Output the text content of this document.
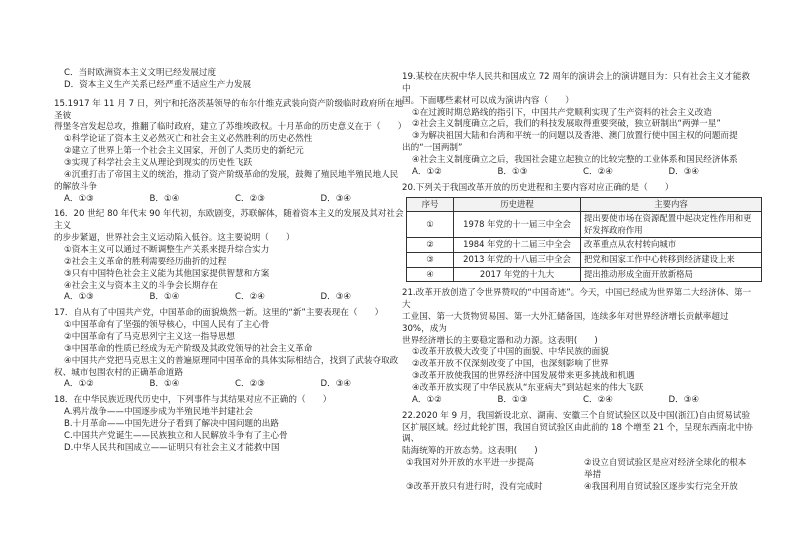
C．当时欧洲资本主义文明已经发展过度
D．资本主义生产关系已经严重不适应生产力发展
15.1917 年 11 月 7 日，列宁和托洛茨基领导的布尔什维克武装向资产阶级临时政府所在地圣彼
得堡冬宫发起总攻，推翻了临时政府，建立了苏维埃政权。十月革命的历史意义在于（　　）
①科学论证了资本主义必然灭亡和社会主义必然胜利的历史必然性
②建立了世界上第一个社会主义国家，开创了人类历史的新纪元
③实现了科学社会主义从理论到现实的历史性飞跃
④沉重打击了帝国主义的统治，推动了资产阶级革命的发展，鼓舞了殖民地半殖民地人民
的解放斗争
A．①③	B．①④	C．②③	D．③④
16．20 世纪 80 年代末 90 年代初，东欧剧变，苏联解体，随着资本主义的发展及其对社会主义
的步步紧逼，世界社会主义运动陷入低谷。这主要说明（　　）
①资本主义可以通过不断调整生产关系来提升综合实力
②社会主义革命的胜利需要经历曲折的过程
③只有中国特色社会主义能为其他国家提供智慧和方案
④社会主义与资本主义的斗争会长期存在
A．①③	B．①④	C．②④	D．③④
17．自从有了中国共产党，中国革命的面貌焕然一新。这里的“新”主要表现在（　　）
①中国革命有了坚强的领导核心，中国人民有了主心骨
②中国革命有了马克思列宁主义这一指导思想
③中国革命的性质已经成为无产阶级及其政党领导的社会主义革命
④中国共产党把马克思主义的普遍原理同中国革命的具体实际相结合，找到了武装夺取政
权、城市包围农村的正确革命道路
A．①②	B．①④	C．②③	D．③④
18．在中华民族近现代历史中，下列事件与其结果对应不正确的（　　）
A.鸦片战争——中国逐步成为半殖民地半封建社会
B.十月革命——中国先进分子看到了解决中国问题的出路
C.中国共产党诞生——民族独立和人民解放斗争有了主心骨
D.中华人民共和国成立——证明只有社会主义才能救中国
19.某校在庆祝中华人民共和国成立 72 周年的演讲会上的演讲题目为：只有社会主义才能救中
国。下面哪些素材可以成为演讲内容（　　）
①在过渡时期总路线的指引下，中国共产党顺利实现了生产资料的社会主义改造
②社会主义制度确立之后，我们的科技发展取得重要突破，独立研制出“两弹一星”
③为解决祖国大陆和台湾和平统一的问题以及香港、澳门放置行使中国主权的问题而提
出的“一国两制”
④社会主义制度确立之后，我国社会建立起独立的比较完整的工业体系和国民经济体系
A．①②	B．①③	C．②④	D．③④
20.下列关于我国改革开放的历史进程和主要内容对应正确的是（　　）
序号	历史进程	主要内容
①	1978 年党的十一届三中全会	提出要使市场在资源配置中起决定性作用和更好发挥政府作用
②	1984 年党的十二届三中全会	改革重点从农村转向城市
③	2013 年党的十八届三中全会	把党和国家工作中心转移到经济建设上来
④	2017 年党的十九大	提出推动形成全面开放新格局
21.改革开放创造了令世界赞叹的“中国奇迹”。今天，中国已经成为世界第二大经济体、第一大
工业国、第一大货物贸易国、第一大外汇储备国，连续多年对世界经济增长贡献率超过 30%，成为
世界经济增长的主要稳定器和动力源。这表明(　　)
①改革开放极大改变了中国的面貌、中华民族的面貌
②改革开放不仅深刻改变了中国，也深刻影响了世界
③改革开放使我国的世界经济中国发展带来更多挑战和机遇
④改革开放实现了中华民族从“东亚病夫”到站起来的伟大飞跃
A．①②	B．①③	C．②④	D．③④
22.2020 年 9 月，我国新设北京、湖南、安徽三个自贸试验区以及中国(浙江)自由贸易试验
区扩展区域。经过此轮扩围，我国自贸试验区由此前的 18 个增至 21 个，呈现东西南北中协调、
陆海统筹的开放态势。这表明(　　)
①我国对外开放的水平进一步提高	②设立自贸试验区是应对经济全球化的根本举措
③改革开放只有进行时，没有完成时	④我国利用自贸试验区逐步实行完全开放
